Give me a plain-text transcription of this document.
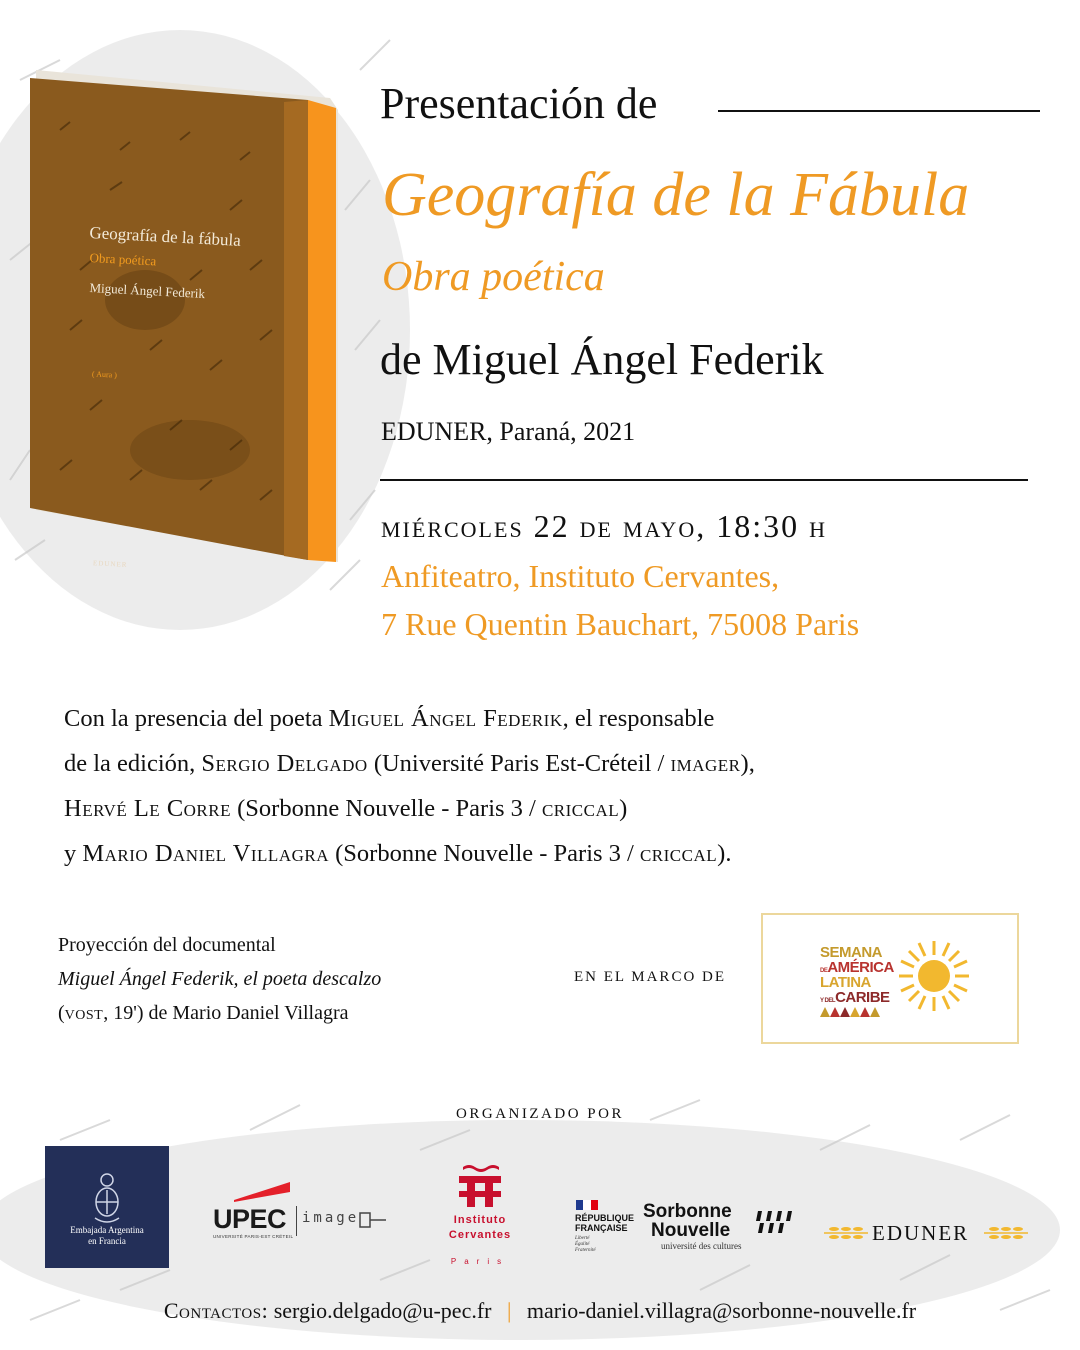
Geografía de la fábula
Obra poética
Miguel Ángel Federik
( Aura )
EDUNER
Presentación de
Geografía de la Fábula
Obra poética
de Miguel Ángel Federik
EDUNER, Paraná, 2021
miércoles 22 de mayo, 18:30 h
Anfiteatro, Instituto Cervantes,
7 Rue Quentin Bauchart, 75008 Paris
Con la presencia del poeta Miguel Ángel Federik, el responsable
de la edición, Sergio Delgado (Université Paris Est-Créteil / imager),
Hervé Le Corre (Sorbonne Nouvelle - Paris 3 / criccal)
y Mario Daniel Villagra (Sorbonne Nouvelle - Paris 3 / criccal).
Proyección del documental
Miguel Ángel Federik, el poeta descalzo
(vost, 19') de Mario Daniel Villagra
EN EL MARCO DE
SEMANA
DEAMÉRICA
LATINA
Y DELCARIBE
ORGANIZADO POR
Embajada Argentina
en Francia
UPEC
UNIVERSITÉ PARIS-EST CRÉTEIL
image	Instituto
Cervantes
Paris
RÉPUBLIQUE
FRANÇAISE
Liberté
Égalité
Fraternité
Sorbonne
Nouvelle
université des cultures
EDUNER
Contactos: sergio.delgado@u-pec.fr | mario-daniel.villagra@sorbonne-nouvelle.fr
